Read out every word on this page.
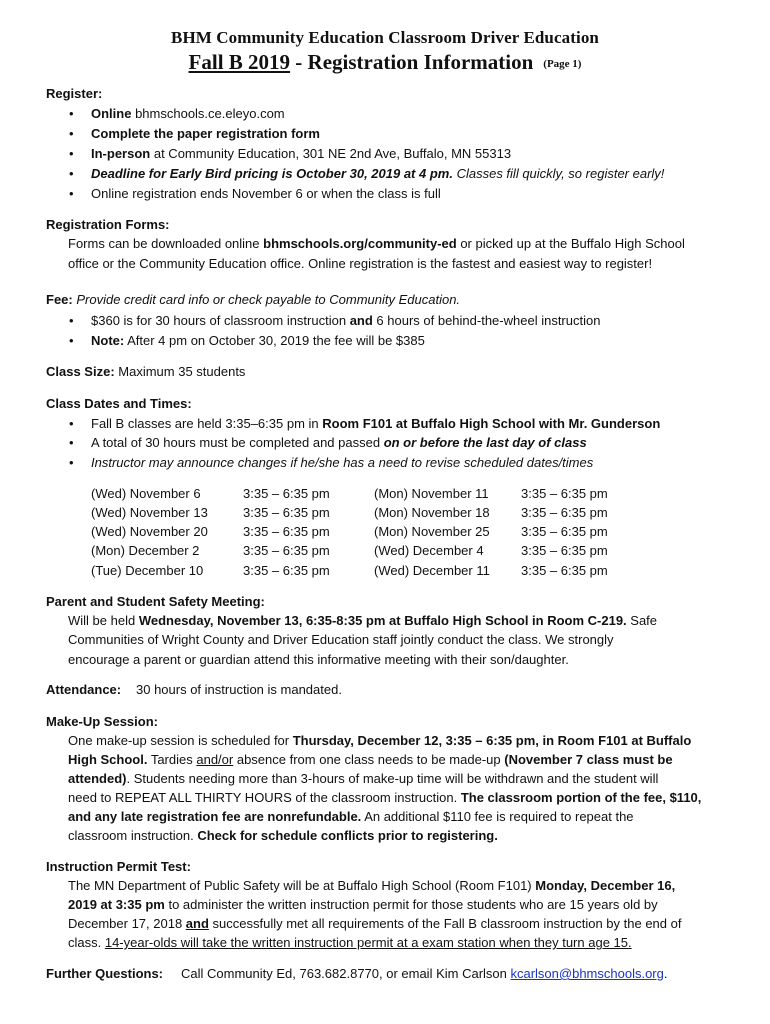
BHM Community Education Classroom Driver Education
Fall B 2019 - Registration Information (Page 1)
Register:
• Online bhmschools.ce.eleyo.com
• Complete the paper registration form
• In-person at Community Education, 301 NE 2nd Ave, Buffalo, MN 55313
• Deadline for Early Bird pricing is October 30, 2019 at 4 pm. Classes fill quickly, so register early!
• Online registration ends November 6 or when the class is full
Registration Forms:
Forms can be downloaded online bhmschools.org/community-ed or picked up at the Buffalo High School
office or the Community Education office. Online registration is the fastest and easiest way to register!
Fee: Provide credit card info or check payable to Community Education.
• $360 is for 30 hours of classroom instruction and 6 hours of behind-the-wheel instruction
• Note: After 4 pm on October 30, 2019 the fee will be $385
Class Size: Maximum 35 students
Class Dates and Times:
• Fall B classes are held 3:35–6:35 pm in Room F101 at Buffalo High School with Mr. Gunderson
• A total of 30 hours must be completed and passed on or before the last day of class
• Instructor may announce changes if he/she has a need to revise scheduled dates/times
(Wed) November 6	3:35 – 6:35 pm	(Mon) November 11 3:35 – 6:35 pm
(Wed) November 13	3:35 – 6:35 pm	(Mon) November 18 3:35 – 6:35 pm
(Wed) November 20	3:35 – 6:35 pm	(Mon) November 25 3:35 – 6:35 pm
(Mon) December 2	3:35 – 6:35 pm	(Wed) December 4	3:35 – 6:35 pm
(Tue) December 10	3:35 – 6:35 pm	(Wed) December 11 3:35 – 6:35 pm
Parent and Student Safety Meeting:
Will be held Wednesday, November 13, 6:35-8:35 pm at Buffalo High School in Room C-219. Safe
Communities of Wright County and Driver Education staff jointly conduct the class. We strongly
encourage a parent or guardian attend this informative meeting with their son/daughter.
Attendance: 30 hours of instruction is mandated.
Make-Up Session:
One make-up session is scheduled for Thursday, December 12, 3:35 – 6:35 pm, in Room F101 at Buffalo
High School. Tardies and/or absence from one class needs to be made-up (November 7 class must be
attended). Students needing more than 3-hours of make-up time will be withdrawn and the student will
need to REPEAT ALL THIRTY HOURS of the classroom instruction. The classroom portion of the fee, $110,
and any late registration fee are nonrefundable. An additional $110 fee is required to repeat the
classroom instruction. Check for schedule conflicts prior to registering.
Instruction Permit Test:
The MN Department of Public Safety will be at Buffalo High School (Room F101) Monday, December 16,
2019 at 3:35 pm to administer the written instruction permit for those students who are 15 years old by
December 17, 2018 and successfully met all requirements of the Fall B classroom instruction by the end of
class. 14-year-olds will take the written instruction permit at a exam station when they turn age 15.
Further Questions: Call Community Ed, 763.682.8770, or email Kim Carlson kcarlson@bhmschools.org.
